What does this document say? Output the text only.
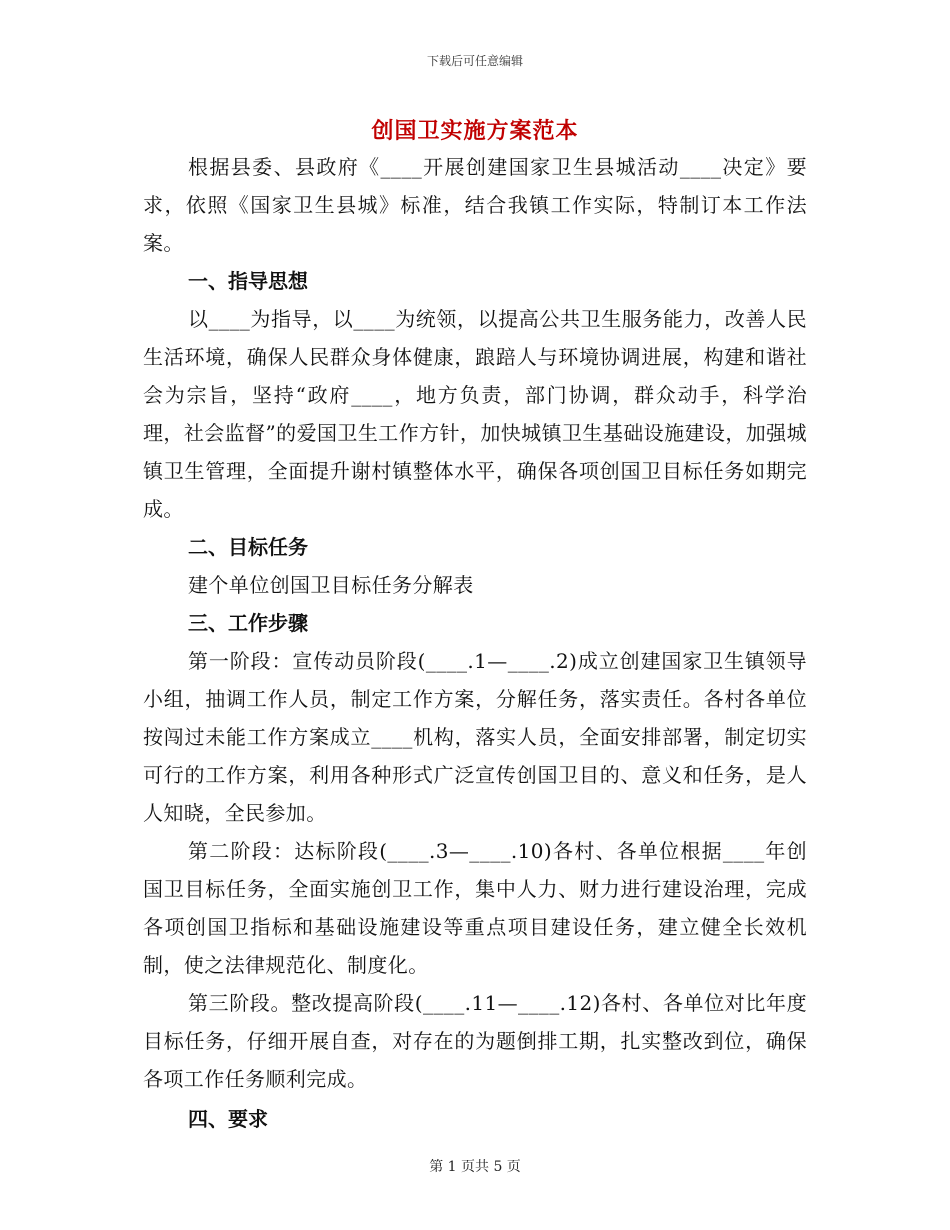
下载后可任意编辑
创国卫实施方案范本

根据县委、县政府《____开展创建国家卫生县城活动____决定》要求，依照《国家卫生县城》标准，结合我镇工作实际，特制订本工作法案。

一、指导思想

以____为指导，以____为统领，以提高公共卫生服务能力，改善人民生活环境，确保人民群众身体健康，踉踣人与环境协调进展，构建和谐社会为宗旨，坚持“政府____，地方负责，部门协调，群众动手，科学治理，社会监督”的爱国卫生工作方针，加快城镇卫生基础设施建设，加强城镇卫生管理，全面提升谢村镇整体水平，确保各项创国卫目标任务如期完成。

二、目标任务

建个单位创国卫目标任务分解表

三、工作步骤

第一阶段：宣传动员阶段(____.1—____.2)成立创建国家卫生镇领导小组，抽调工作人员，制定工作方案，分解任务，落实责任。各村各单位按闯过未能工作方案成立____机构，落实人员，全面安排部署，制定切实可行的工作方案，利用各种形式广泛宣传创国卫目的、意义和任务，是人人知晓，全民参加。

第二阶段：达标阶段(____.3—____.10)各村、各单位根据____年创国卫目标任务，全面实施创卫工作，集中人力、财力进行建设治理，完成各项创国卫指标和基础设施建设等重点项目建设任务，建立健全长效机制，使之法律规范化、制度化。

第三阶段。整改提高阶段(____.11—____.12)各村、各单位对比年度目标任务，仔细开展自查，对存在的为题倒排工期，扎实整改到位，确保各项工作任务顺利完成。

四、要求

第 1 页共 5 页
